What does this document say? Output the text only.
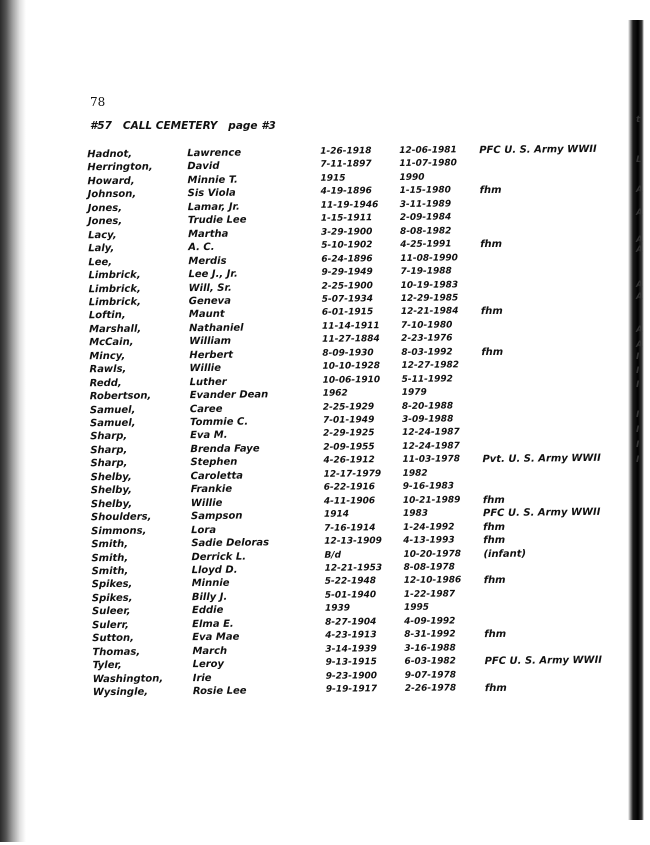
t
L
A
A
A
A
A
A
A
A
I
I
I
I
I
I
I
78
#57 CALL CEMETERY page #3
Hadnot,	Lawrence	1-26-1918	12-06-1981 PFC U. S. Army WWII
Herrington,	David	7-11-1897	11-07-1980
Howard,	Minnie T.	1915	1990
Johnson,	Sis Viola	4-19-1896	1-15-1980	fhm
Jones,	Lamar, Jr.	11-19-1946 3-11-1989
Jones,	Trudie Lee	1-15-1911	2-09-1984
Lacy,	Martha	3-29-1900	8-08-1982
Laly,	A. C.	5-10-1902	4-25-1991	fhm
Lee,	Merdis	6-24-1896	11-08-1990
Limbrick,	Lee J., Jr.	9-29-1949	7-19-1988
Limbrick,	Will, Sr.	2-25-1900	10-19-1983
Limbrick,	Geneva	5-07-1934	12-29-1985
Loftin,	Maunt	6-01-1915	12-21-1984 fhm
Marshall,	Nathaniel	11-14-1911 7-10-1980
McCain,	William	11-27-1884 2-23-1976
Mincy,	Herbert	8-09-1930	8-03-1992	fhm
Rawls,	Willie	10-10-1928 12-27-1982
Redd,	Luther	10-06-1910 5-11-1992
Robertson,	Evander Dean	1962	1979
Samuel,	Caree	2-25-1929	8-20-1988
Samuel,	Tommie C.	7-01-1949	3-09-1988
Sharp,	Eva M.	2-29-1925	12-24-1987
Sharp,	Brenda Faye	2-09-1955	12-24-1987
Sharp,	Stephen	4-26-1912	11-03-1978 Pvt. U. S. Army WWII
Shelby,	Caroletta	12-17-1979 1982
Shelby,	Frankie	6-22-1916	9-16-1983
Shelby,	Willie	4-11-1906	10-21-1989 fhm
Shoulders,	Sampson	1914	1983	PFC U. S. Army WWII
Simmons,	Lora	7-16-1914	1-24-1992	fhm
Smith,	Sadie Deloras	12-13-1909 4-13-1993	fhm
Smith,	Derrick L.	B/d	10-20-1978 (infant)
Smith,	Lloyd D.	12-21-1953 8-08-1978
Spikes,	Minnie	5-22-1948	12-10-1986 fhm
Spikes,	Billy J.	5-01-1940	1-22-1987
Suleer,	Eddie	1939	1995
Sulerr,	Elma E.	8-27-1904	4-09-1992
Sutton,	Eva Mae	4-23-1913	8-31-1992	fhm
Thomas,	March	3-14-1939	3-16-1988
Tyler,	Leroy	9-13-1915	6-03-1982	PFC U. S. Army WWII
Washington,	Irie	9-23-1900	9-07-1978
Wysingle,	Rosie Lee	9-19-1917	2-26-1978	fhm
